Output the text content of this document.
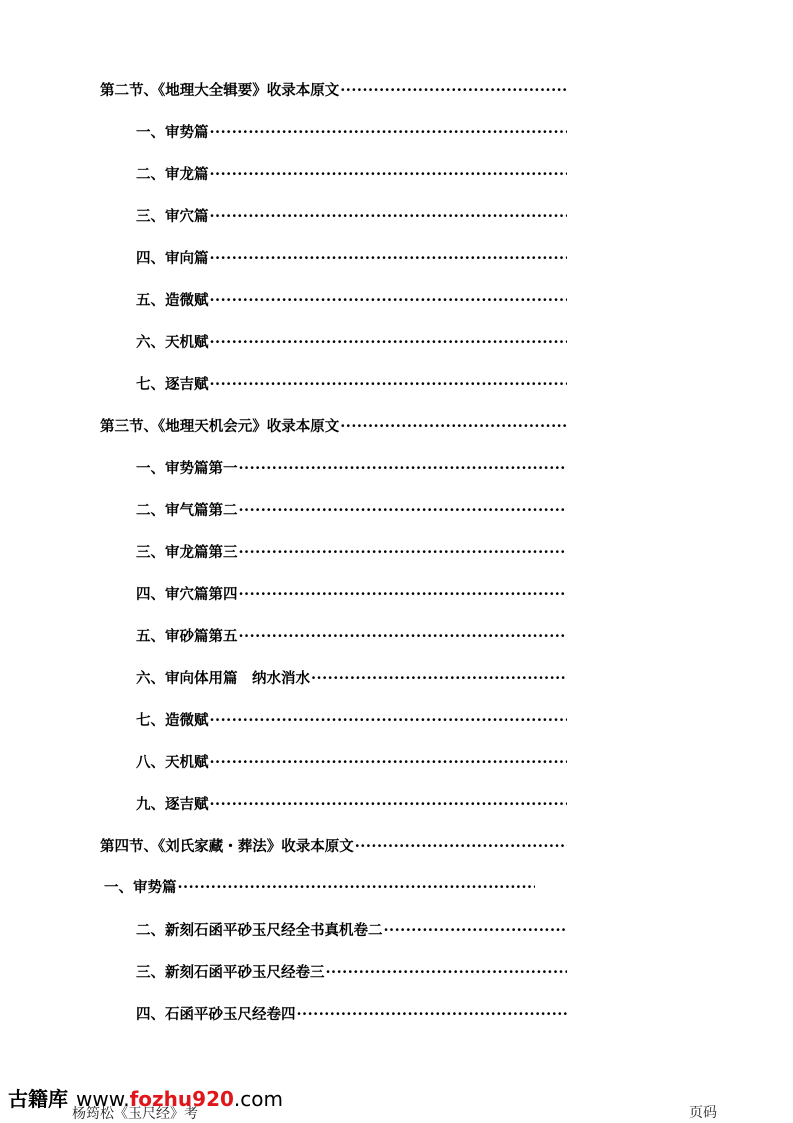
第二节、《地理大全辑要》收录本原文
·····
一、审势篇
·····
二、审龙篇
·····
三、审穴篇
·····
四、审向篇
·····
五、造微赋
·····
六、天机赋
·····
七、逐吉赋
·····
第三节、《地理天机会元》收录本原文
·····
一、审势篇第一
·····
二、审气篇第二
·····
三、审龙篇第三
·····
四、审穴篇第四
·····
五、审砂篇第五
·····
六、审向体用篇　纳水消水
·····
七、造微赋
·····
八、天机赋
·····
九、逐吉赋
·····
第四节、《刘氏家藏・葬法》收录本原文
·····
一、审势篇
·····
二、新刻石函平砂玉尺经全书真机卷二
·····
三、新刻石函平砂玉尺经卷三
·····
四、石函平砂玉尺经卷四
·····
杨筠松《玉尺经》考
古籍库 www.fozhu920.com
页码
